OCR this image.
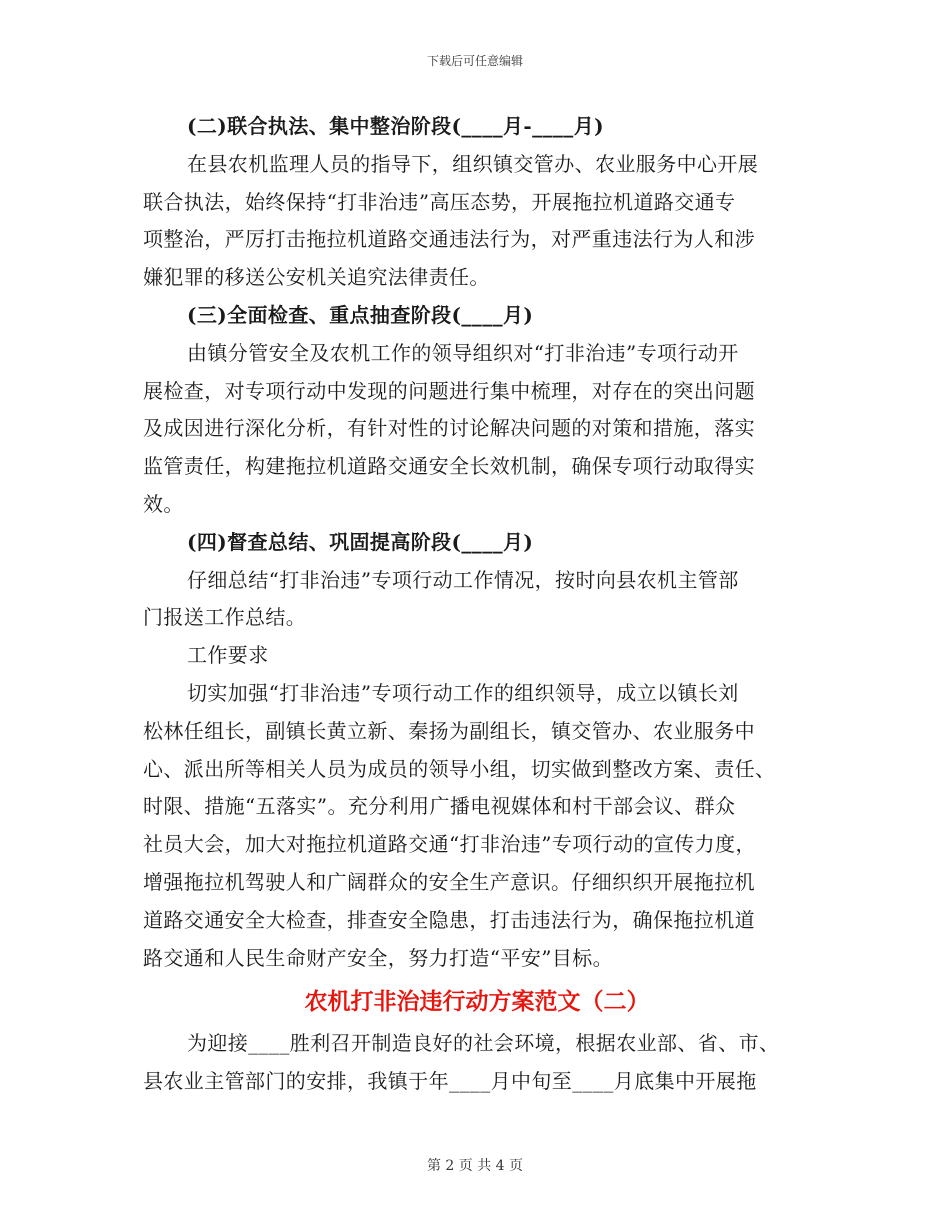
下载后可任意编辑
(二)联合执法、集中整治阶段(____月-____月)
在县农机监理人员的指导下，组织镇交管办、农业服务中心开展
联合执法，始终保持“打非治违”高压态势，开展拖拉机道路交通专
项整治，严厉打击拖拉机道路交通违法行为，对严重违法行为人和涉
嫌犯罪的移送公安机关追究法律责任。
(三)全面检查、重点抽查阶段(____月)
由镇分管安全及农机工作的领导组织对“打非治违”专项行动开
展检查，对专项行动中发现的问题进行集中梳理，对存在的突出问题
及成因进行深化分析，有针对性的讨论解决问题的对策和措施，落实
监管责任，构建拖拉机道路交通安全长效机制，确保专项行动取得实
效。
(四)督查总结、巩固提高阶段(____月)
仔细总结“打非治违”专项行动工作情况，按时向县农机主管部
门报送工作总结。
工作要求
切实加强“打非治违”专项行动工作的组织领导，成立以镇长刘
松林任组长，副镇长黄立新、秦扬为副组长，镇交管办、农业服务中
心、派出所等相关人员为成员的领导小组，切实做到整改方案、责任、
时限、措施“五落实”。充分利用广播电视媒体和村干部会议、群众
社员大会，加大对拖拉机道路交通“打非治违”专项行动的宣传力度，
增强拖拉机驾驶人和广阔群众的安全生产意识。仔细织织开展拖拉机
道路交通安全大检查，排查安全隐患，打击违法行为，确保拖拉机道
路交通和人民生命财产安全，努力打造“平安”目标。
农机打非治违行动方案范文（二）
为迎接____胜利召开制造良好的社会环境，根据农业部、省、市、
县农业主管部门的安排，我镇于年____月中旬至____月底集中开展拖
第 2 页 共 4 页
